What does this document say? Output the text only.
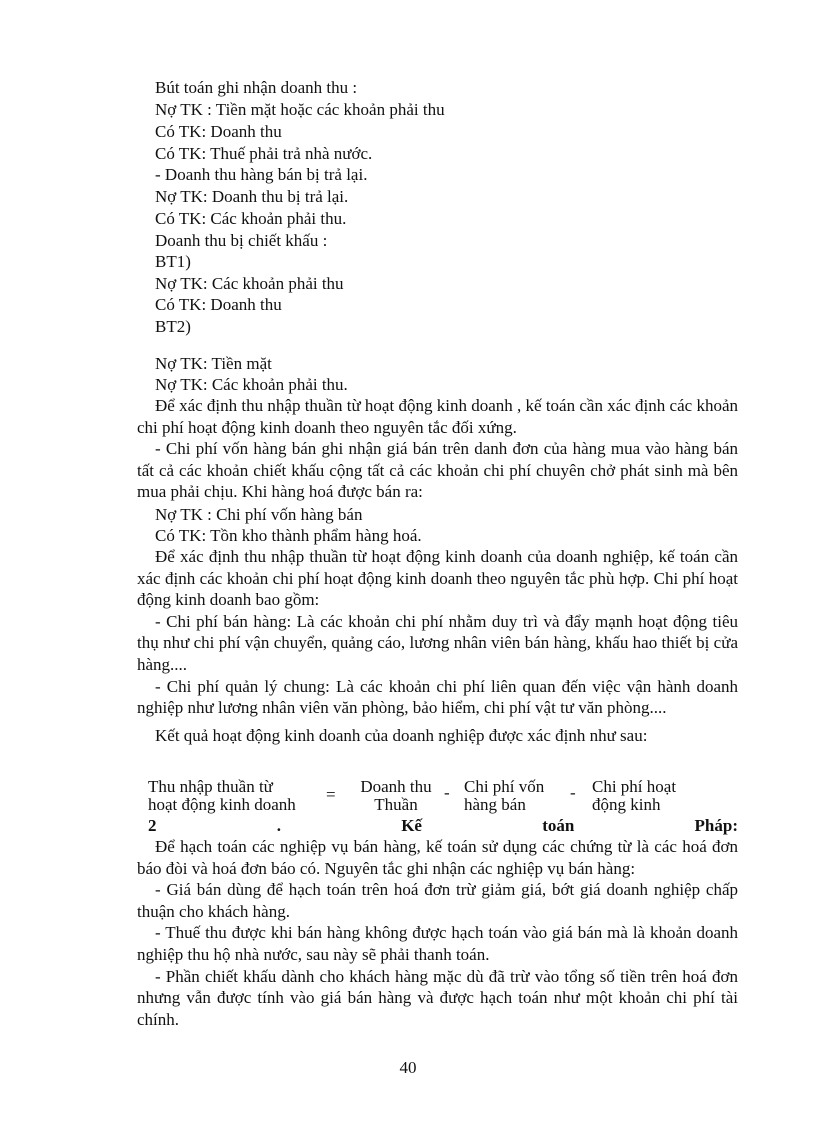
Bút toán ghi nhận doanh thu :
Nợ TK : Tiền mặt hoặc các khoản phải thu
Có TK: Doanh thu
Có TK: Thuế phải trả nhà nước.
- Doanh thu hàng bán bị trả lại.
Nợ TK: Doanh thu bị trả lại.
Có TK: Các khoản phải thu.
Doanh thu bị chiết khấu :
BT1)
Nợ TK: Các khoản phải thu
Có TK: Doanh thu
BT2)
Nợ TK: Tiền mặt
Nợ TK: Các khoản phải thu.

Để xác định thu nhập thuần từ hoạt động kinh doanh , kế toán cần xác định các khoản chi phí hoạt động kinh doanh theo nguyên tắc đối xứng.

- Chi phí vốn hàng bán ghi nhận giá bán trên danh đơn của hàng mua vào hàng bán tất cả các khoản chiết khấu cộng tất cả các khoản chi phí chuyên chở phát sinh mà bên mua phải chịu. Khi hàng hoá được bán ra:

Nợ TK : Chi phí vốn hàng bán
Có TK: Tồn kho thành phẩm hàng hoá.

Để xác định thu nhập thuần từ hoạt động kinh doanh của doanh nghiệp, kế toán cần xác định các khoản chi phí hoạt động kinh doanh theo nguyên tắc phù hợp. Chi phí hoạt động kinh doanh bao gồm:

- Chi phí bán hàng: Là các khoản chi phí nhằm duy trì và đẩy mạnh hoạt động tiêu thụ như chi phí vận chuyển, quảng cáo, lương nhân viên bán hàng, khấu hao thiết bị cửa hàng....

- Chi phí quản lý chung: Là các khoản chi phí liên quan đến việc vận hành doanh nghiệp như lương nhân viên văn phòng, bảo hiểm, chi phí vật tư văn phòng....

Kết quả hoạt động kinh doanh của doanh nghiệp được xác định như sau:

Thu nhập thuần từ
hoạt động kinh doanh
=	Doanh thu
Thuần
- Chi phí vốn
hàng bán
- Chi phí hoạt
động kinh
2	.	Kế	toán	Pháp:

Để hạch toán các nghiệp vụ bán hàng, kế toán sử dụng các chứng từ là các hoá đơn báo đòi và hoá đơn báo có. Nguyên tắc ghi nhận các nghiệp vụ bán hàng:

- Giá bán dùng để hạch toán trên hoá đơn trừ giảm giá, bớt giá doanh nghiệp chấp thuận cho khách hàng.

- Thuế thu được khi bán hàng không được hạch toán vào giá bán mà là khoản doanh nghiệp thu hộ nhà nước, sau này sẽ phải thanh toán.

- Phần chiết khấu dành cho khách hàng mặc dù đã trừ vào tổng số tiền trên hoá đơn nhưng vẫn được tính vào giá bán hàng và được hạch toán như một khoản chi phí tài chính.

40
